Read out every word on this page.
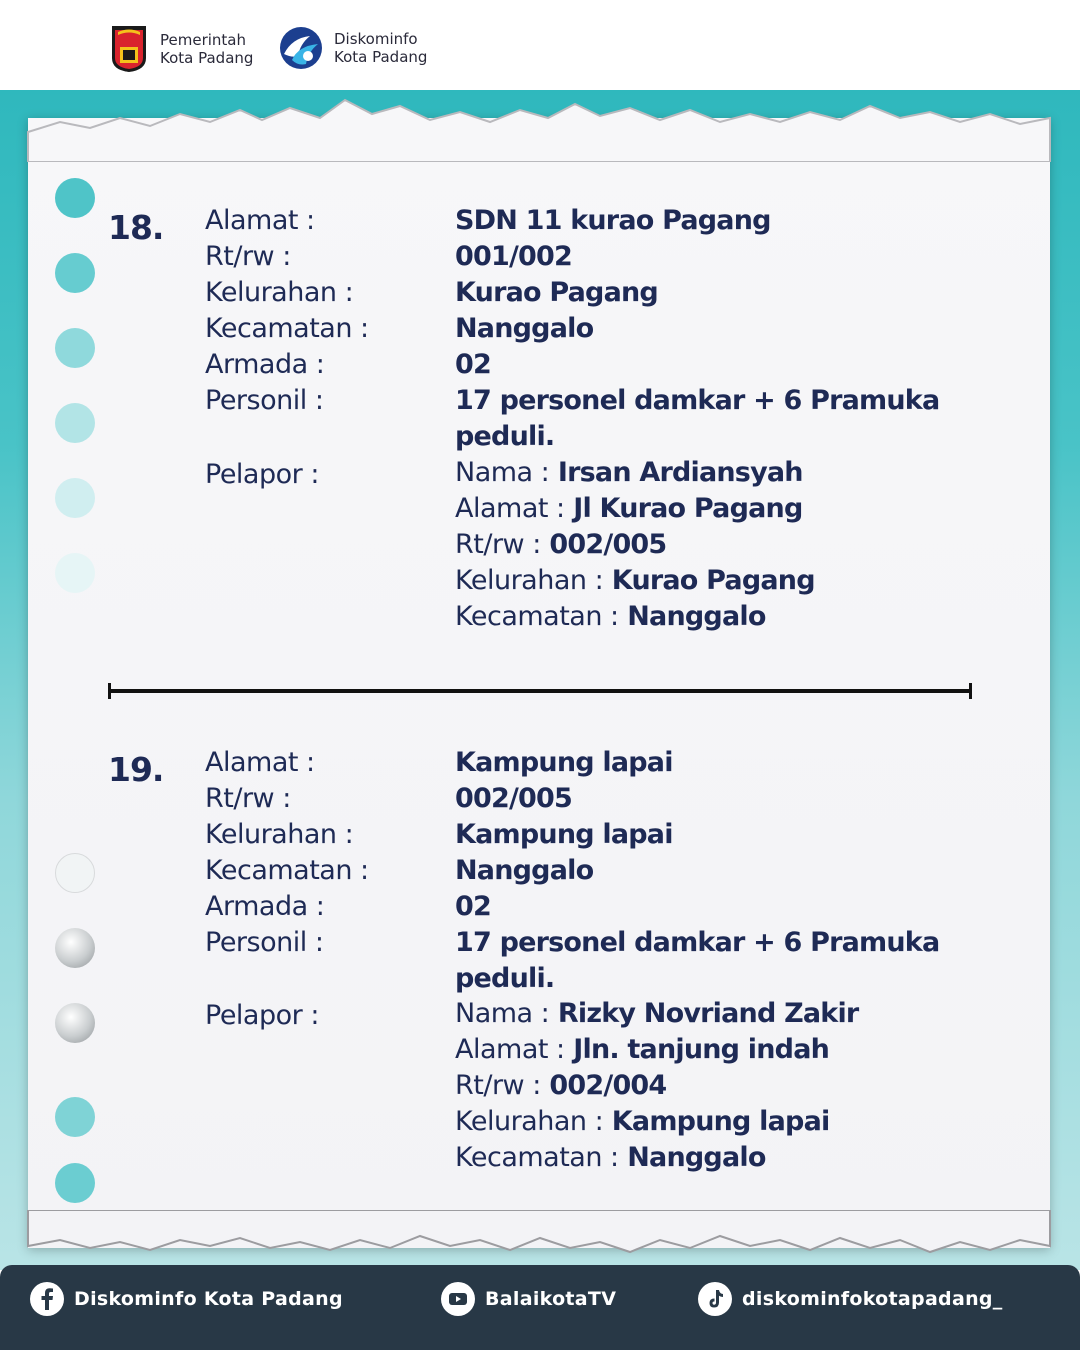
Pemerintah
Kota Padang
Diskominfo
Kota Padang
18. Alamat :
Rt/rw :
Kelurahan :
Kecamatan :
Armada :
Personil :
Pelapor :
SDN 11 kurao Pagang
001/002
Kurao Pagang
Nanggalo
02
17 personel damkar + 6 Pramuka
peduli.
Nama : Irsan Ardiansyah
Alamat : Jl Kurao Pagang
Rt/rw : 002/005
Kelurahan : Kurao Pagang
Kecamatan : Nanggalo
19. Alamat :
Rt/rw :
Kelurahan :
Kecamatan :
Armada :
Personil :
Pelapor :
Kampung lapai
002/005
Kampung lapai
Nanggalo
02
17 personel damkar + 6 Pramuka
peduli.
Nama : Rizky Novriand Zakir
Alamat : Jln. tanjung indah
Rt/rw : 002/004
Kelurahan : Kampung lapai
Kecamatan : Nanggalo
Diskominfo Kota Padang	BalaikotaTV	diskominfokotapadang_
